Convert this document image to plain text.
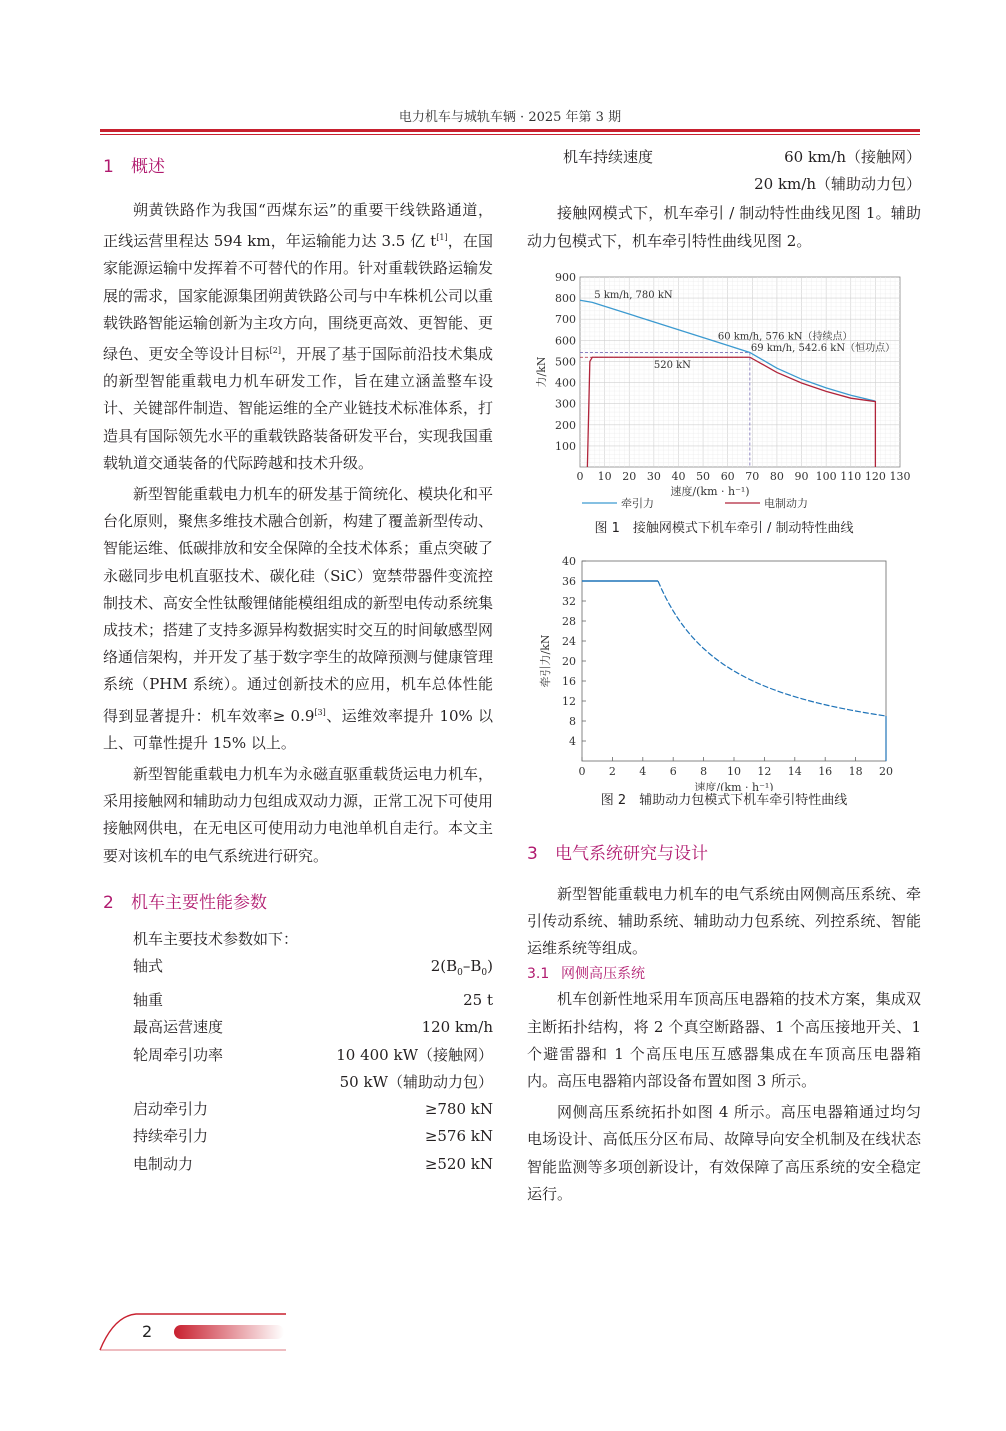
电力机车与城轨车辆 · 2025 年第 3 期
1 概述

朔黄铁路作为我国“西煤东运”的重要干线铁路通道，正线运营里程达 594 km，年运输能力达 3.5 亿 t[1]，在国家能源运输中发挥着不可替代的作用。针对重载铁路运输发展的需求，国家能源集团朔黄铁路公司与中车株机公司以重载铁路智能运输创新为主攻方向，围绕更高效、更智能、更绿色、更安全等设计目标[2]，开展了基于国际前沿技术集成的新型智能重载电力机车研发工作，旨在建立涵盖整车设计、关键部件制造、智能运维的全产业链技术标准体系，打造具有国际领先水平的重载铁路装备研发平台，实现我国重载轨道交通装备的代际跨越和技术升级。

新型智能重载电力机车的研发基于简统化、模块化和平台化原则，聚焦多维技术融合创新，构建了覆盖新型传动、智能运维、低碳排放和安全保障的全技术体系；重点突破了永磁同步电机直驱技术、碳化硅（SiC）宽禁带器件变流控制技术、高安全性钛酸锂储能模组组成的新型电传动系统集成技术；搭建了支持多源异构数据实时交互的时间敏感型网络通信架构，并开发了基于数字孪生的故障预测与健康管理系统（PHM 系统）。通过创新技术的应用，机车总体性能得到显著提升：机车效率≥ 0.9[3]、运维效率提升 10% 以上、可靠性提升 15% 以上。

新型智能重载电力机车为永磁直驱重载货运电力机车，采用接触网和辅助动力包组成双动力源，正常工况下可使用接触网供电，在无电区可使用动力电池单机自走行。本文主要对该机车的电气系统进行研究。

2 机车主要性能参数
机车主要技术参数如下：
轴式	$2(B_0-B_0)$
轴重	25 t
最高运营速度	120 km/h
轮周牵引功率	10 400 kW（接触网）
50 kW（辅助动力包）
启动牵引力	≥780 kN
持续牵引力	≥576 kN
电制动力	≥520 kN
机车持续速度	60 km/h（接触网）
20 km/h（辅助动力包）

接触网模式下，机车牵引 / 制动特性曲线见图 1。辅助动力包模式下，机车牵引特性曲线见图 2。

0 10 20 30 40 50 60 70 80 90 100 110 120 130
100
200
300
400
500
600
700
800
900
速度/(km · h⁻¹)
力/kN
5 km/h, 780 kN
60 km/h, 576 kN（持续点）
69 km/h, 542.6 kN（恒功点）
520 kN
牵引力	电制动力
图 1　接触网模式下机车牵引 / 制动特性曲线
0 2 4 6 8 10 12 14 16 18 20
4
8
12
16
20
24
28
32
36
40
速度/(km · h⁻¹)
牵引力/kN
图 2　辅助动力包模式下机车牵引特性曲线
3 电气系统研究与设计

新型智能重载电力机车的电气系统由网侧高压系统、牵引传动系统、辅助系统、辅助动力包系统、列控系统、智能运维系统等组成。

3.1 网侧高压系统

机车创新性地采用车顶高压电器箱的技术方案，集成双主断拓扑结构，将 2 个真空断路器、1 个高压接地开关、1 个避雷器和 1 个高压电压互感器集成在车顶高压电器箱内。高压电器箱内部设备布置如图 3 所示。

网侧高压系统拓扑如图 4 所示。高压电器箱通过均匀电场设计、高低压分区布局、故障导向安全机制及在线状态智能监测等多项创新设计，有效保障了高压系统的安全稳定运行。

2
